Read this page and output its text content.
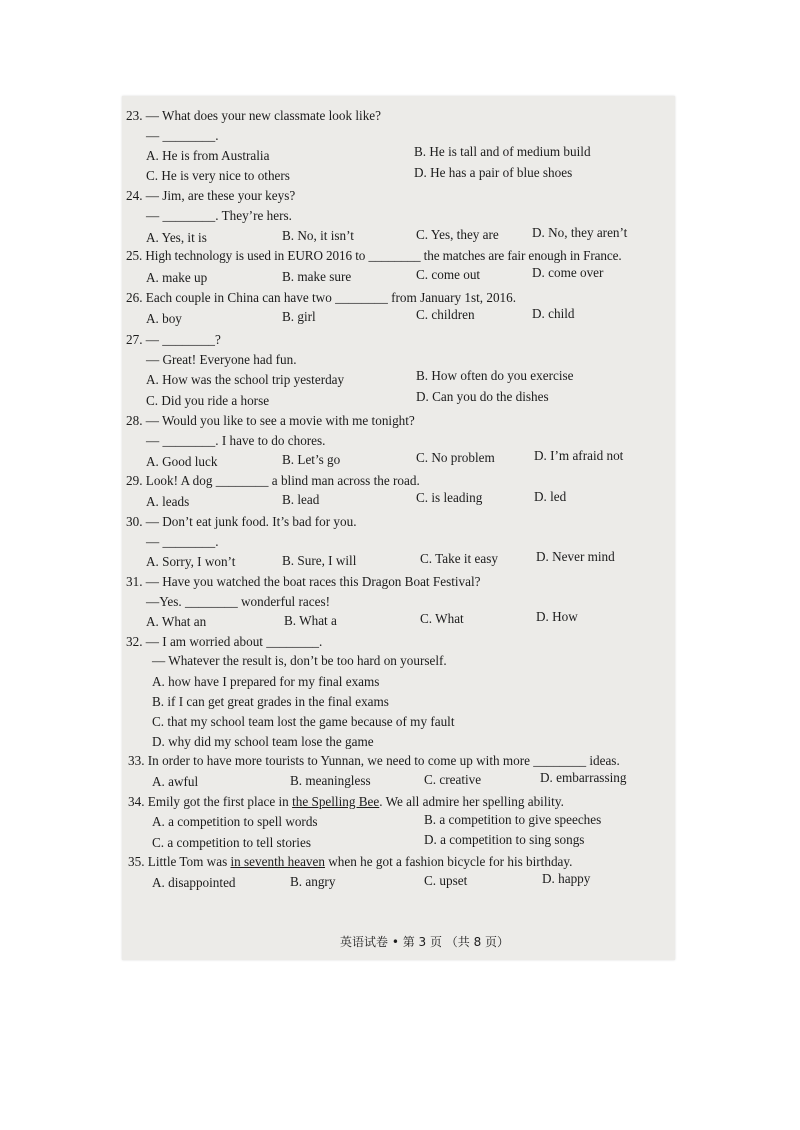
23. — What does your new classmate look like?
— ________.
A. He is from Australia	B. He is tall and of medium build
C. He is very nice to others	D. He has a pair of blue shoes
24. — Jim, are these your keys?
— ________. They’re hers.
A. Yes, it is	B. No, it isn’t	C. Yes, they are	D. No, they aren’t
25. High technology is used in EURO 2016 to ________ the matches are fair enough in France.
A. make up	B. make sure	C. come out	D. come over
26. Each couple in China can have two ________ from January 1st, 2016.
A. boy	B. girl	C. children	D. child
27. — ________?
— Great! Everyone had fun.
A. How was the school trip yesterday	B. How often do you exercise
C. Did you ride a horse	D. Can you do the dishes
28. — Would you like to see a movie with me tonight?
— ________. I have to do chores.
A. Good luck	B. Let’s go	C. No problem	D. I’m afraid not
29. Look! A dog ________ a blind man across the road.
A. leads	B. lead	C. is leading	D. led
30. — Don’t eat junk food. It’s bad for you.
— ________.
A. Sorry, I won’t	B. Sure, I will	C. Take it easy	D. Never mind
31. — Have you watched the boat races this Dragon Boat Festival?
—Yes. ________ wonderful races!
A. What an	B. What a	C. What	D. How
32. — I am worried about ________.
— Whatever the result is, don’t be too hard on yourself.
A. how have I prepared for my final exams
B. if I can get great grades in the final exams
C. that my school team lost the game because of my fault
D. why did my school team lose the game
33. In order to have more tourists to Yunnan, we need to come up with more ________ ideas.
A. awful	B. meaningless	C. creative	D. embarrassing
34. Emily got the first place in the Spelling Bee. We all admire her spelling ability.
A. a competition to spell words	B. a competition to give speeches
C. a competition to tell stories	D. a competition to sing songs
35. Little Tom was in seventh heaven when he got a fashion bicycle for his birthday.
A. disappointed	B. angry	C. upset	D. happy
英语试卷 • 第 3 页 （共 8 页）
